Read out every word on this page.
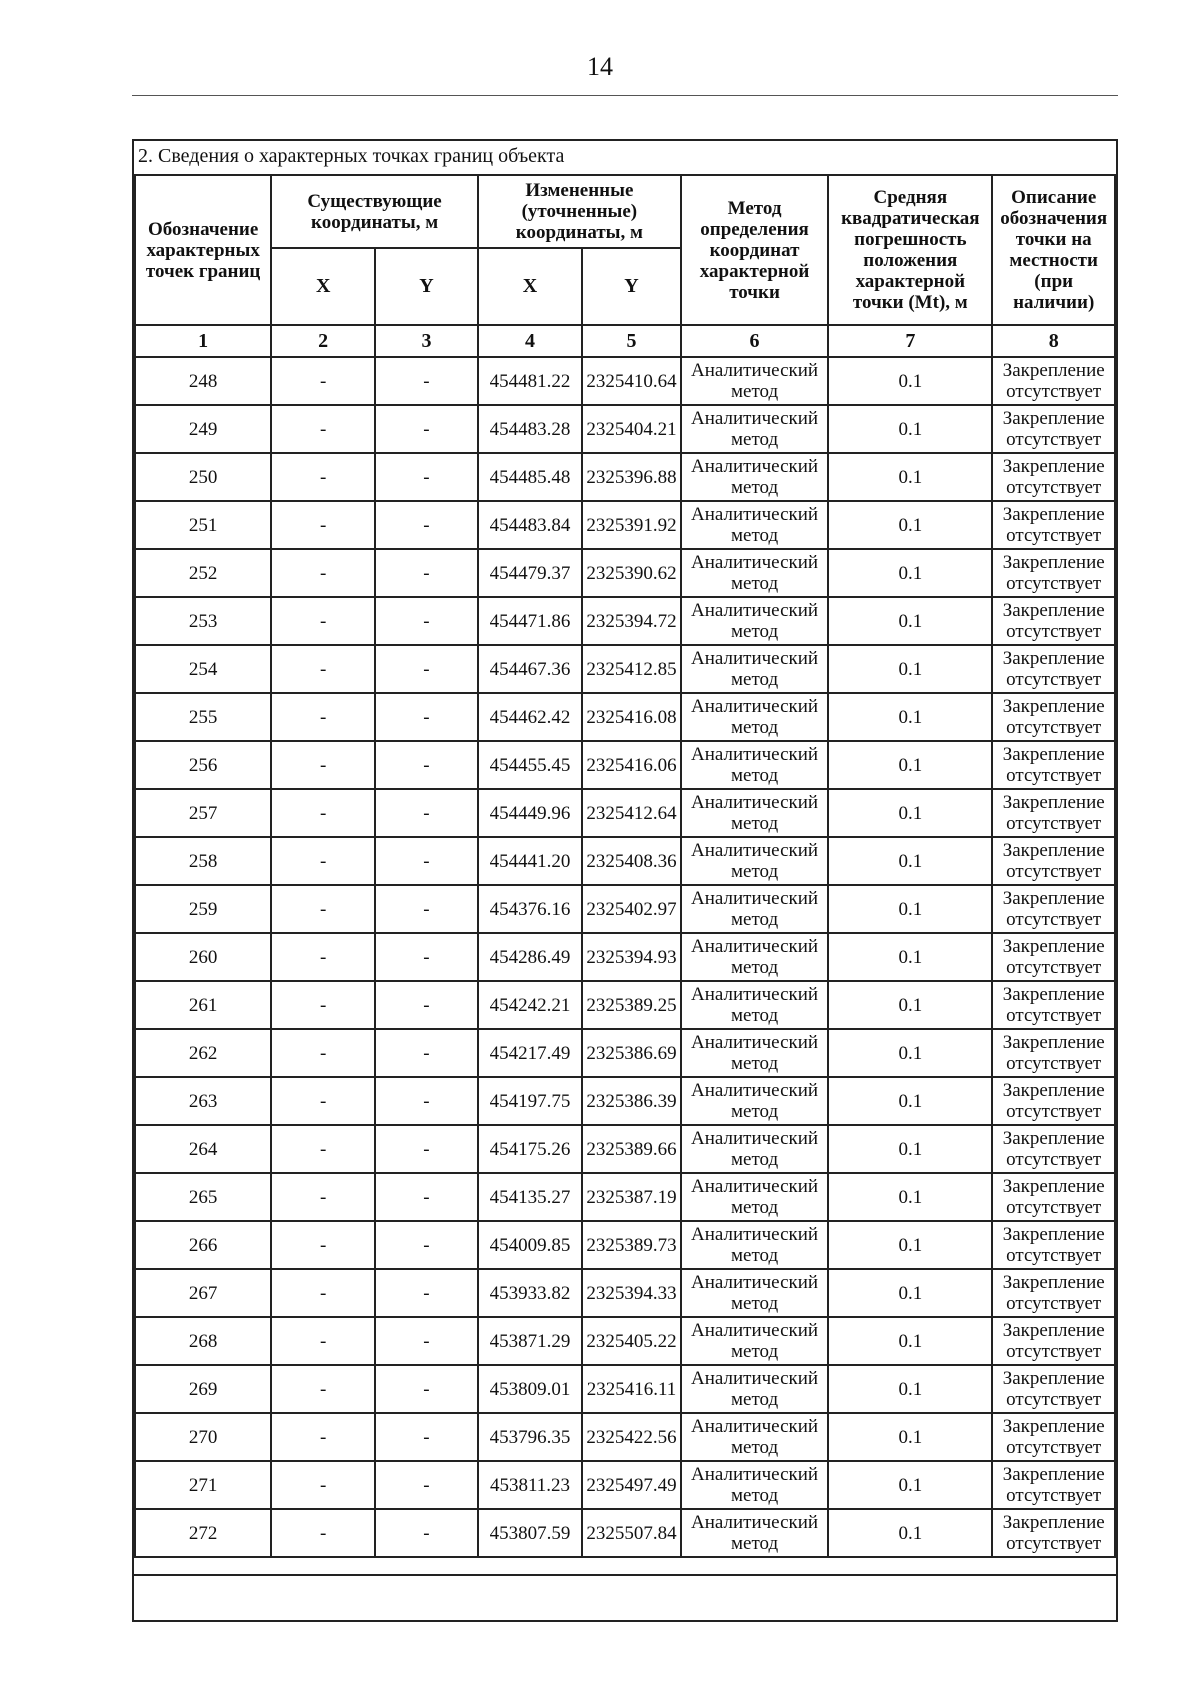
14
2. Сведения о характерных точках границ объекта
Обозначение характерных точек границ	Существующие координаты, м		Измененные (уточненные) координаты, м		Метод определения координат характерной точки	Средняя квадратическая погрешность положения характерной точки (Mt), м	Описание обозначения точки на местности (при наличии)
	X	Y	X	Y			
1	2	3	4	5	6	7	8
248	-	-	454481.22	2325410.64	Аналитический метод	0.1	Закрепление отсутствует
249	-	-	454483.28	2325404.21	Аналитический метод	0.1	Закрепление отсутствует
250	-	-	454485.48	2325396.88	Аналитический метод	0.1	Закрепление отсутствует
251	-	-	454483.84	2325391.92	Аналитический метод	0.1	Закрепление отсутствует
252	-	-	454479.37	2325390.62	Аналитический метод	0.1	Закрепление отсутствует
253	-	-	454471.86	2325394.72	Аналитический метод	0.1	Закрепление отсутствует
254	-	-	454467.36	2325412.85	Аналитический метод	0.1	Закрепление отсутствует
255	-	-	454462.42	2325416.08	Аналитический метод	0.1	Закрепление отсутствует
256	-	-	454455.45	2325416.06	Аналитический метод	0.1	Закрепление отсутствует
257	-	-	454449.96	2325412.64	Аналитический метод	0.1	Закрепление отсутствует
258	-	-	454441.20	2325408.36	Аналитический метод	0.1	Закрепление отсутствует
259	-	-	454376.16	2325402.97	Аналитический метод	0.1	Закрепление отсутствует
260	-	-	454286.49	2325394.93	Аналитический метод	0.1	Закрепление отсутствует
261	-	-	454242.21	2325389.25	Аналитический метод	0.1	Закрепление отсутствует
262	-	-	454217.49	2325386.69	Аналитический метод	0.1	Закрепление отсутствует
263	-	-	454197.75	2325386.39	Аналитический метод	0.1	Закрепление отсутствует
264	-	-	454175.26	2325389.66	Аналитический метод	0.1	Закрепление отсутствует
265	-	-	454135.27	2325387.19	Аналитический метод	0.1	Закрепление отсутствует
266	-	-	454009.85	2325389.73	Аналитический метод	0.1	Закрепление отсутствует
267	-	-	453933.82	2325394.33	Аналитический метод	0.1	Закрепление отсутствует
268	-	-	453871.29	2325405.22	Аналитический метод	0.1	Закрепление отсутствует
269	-	-	453809.01	2325416.11	Аналитический метод	0.1	Закрепление отсутствует
270	-	-	453796.35	2325422.56	Аналитический метод	0.1	Закрепление отсутствует
271	-	-	453811.23	2325497.49	Аналитический метод	0.1	Закрепление отсутствует
272	-	-	453807.59	2325507.84	Аналитический метод	0.1	Закрепление отсутствует
